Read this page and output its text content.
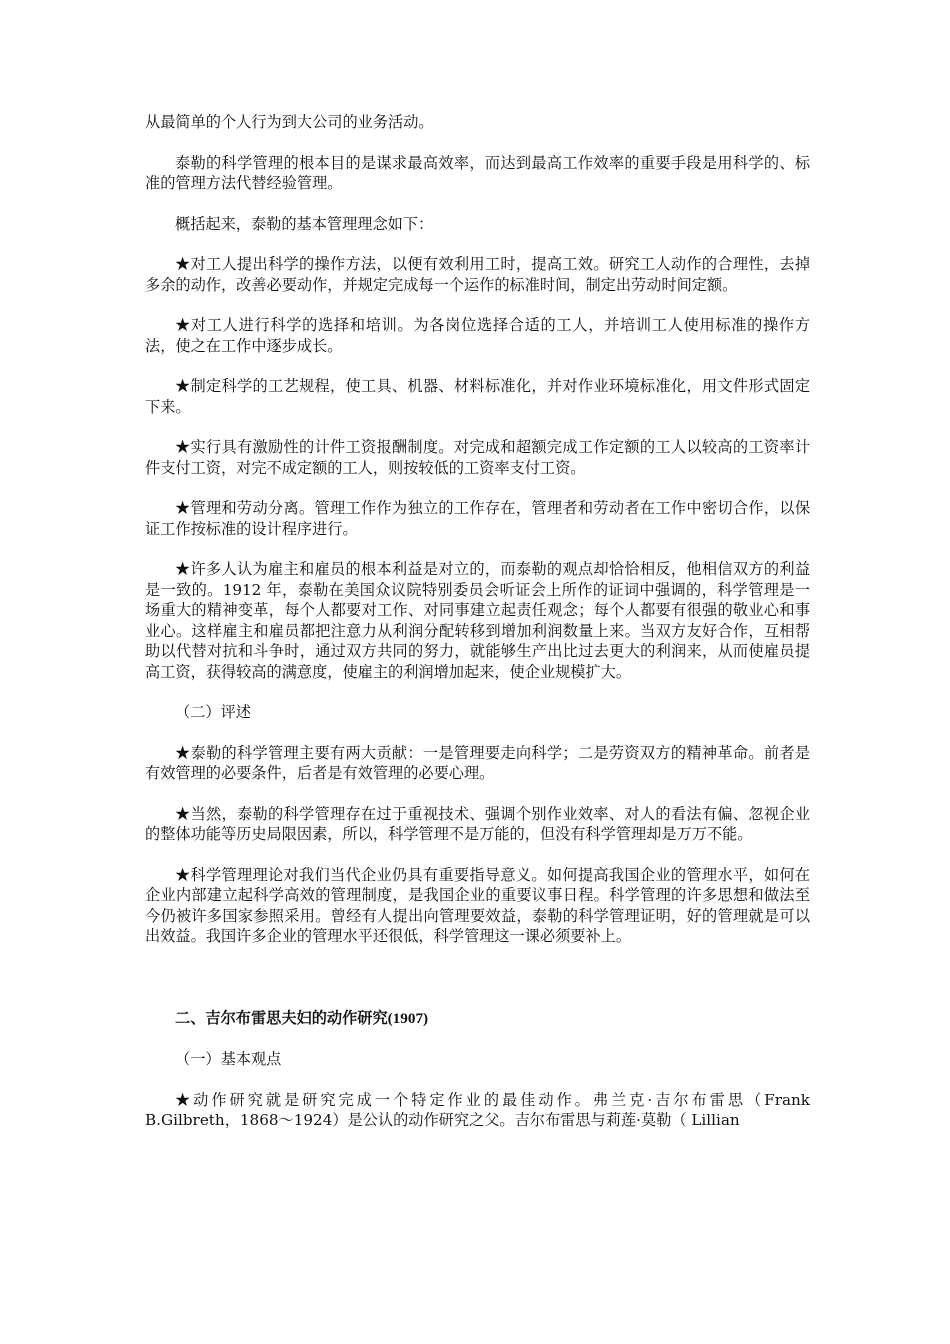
从最简单的个人行为到大公司的业务活动。

泰勒的科学管理的根本目的是谋求最高效率，而达到最高工作效率的重要手段是用科学的、标准的管理方法代替经验管理。

概括起来，泰勒的基本管理理念如下：

★对工人提出科学的操作方法，以便有效利用工时，提高工效。研究工人动作的合理性，去掉多余的动作，改善必要动作，并规定完成每一个运作的标准时间，制定出劳动时间定额。

★对工人进行科学的选择和培训。为各岗位选择合适的工人，并培训工人使用标准的操作方法，使之在工作中逐步成长。

★制定科学的工艺规程，使工具、机器、材料标准化，并对作业环境标准化，用文件形式固定下来。

★实行具有激励性的计件工资报酬制度。对完成和超额完成工作定额的工人以较高的工资率计件支付工资，对完不成定额的工人，则按较低的工资率支付工资。

★管理和劳动分离。管理工作作为独立的工作存在，管理者和劳动者在工作中密切合作，以保证工作按标准的设计程序进行。

★许多人认为雇主和雇员的根本利益是对立的，而泰勒的观点却恰恰相反，他相信双方的利益是一致的。1912 年，泰勒在美国众议院特别委员会听证会上所作的证词中强调的，科学管理是一场重大的精神变革，每个人都要对工作、对同事建立起责任观念；每个人都要有很强的敬业心和事业心。这样雇主和雇员都把注意力从利润分配转移到增加利润数量上来。当双方友好合作，互相帮助以代替对抗和斗争时，通过双方共同的努力，就能够生产出比过去更大的利润来，从而使雇员提高工资，获得较高的满意度，使雇主的利润增加起来，使企业规模扩大。

（二）评述

★泰勒的科学管理主要有两大贡献：一是管理要走向科学；二是劳资双方的精神革命。前者是有效管理的必要条件，后者是有效管理的必要心理。

★当然，泰勒的科学管理存在过于重视技术、强调个别作业效率、对人的看法有偏、忽视企业的整体功能等历史局限因素，所以，科学管理不是万能的，但没有科学管理却是万万不能。

★科学管理理论对我们当代企业仍具有重要指导意义。如何提高我国企业的管理水平，如何在企业内部建立起科学高效的管理制度，是我国企业的重要议事日程。科学管理的许多思想和做法至今仍被许多国家参照采用。曾经有人提出向管理要效益，泰勒的科学管理证明，好的管理就是可以出效益。我国许多企业的管理水平还很低，科学管理这一课必须要补上。

二、吉尔布雷思夫妇的动作研究(1907)

（一）基本观点

★动作研究就是研究完成一个特定作业的最佳动作。弗兰克·吉尔布雷思（Frank B.Gilbreth，1868～1924）是公认的动作研究之父。吉尔布雷思与莉莲·莫勒（ Lillian
